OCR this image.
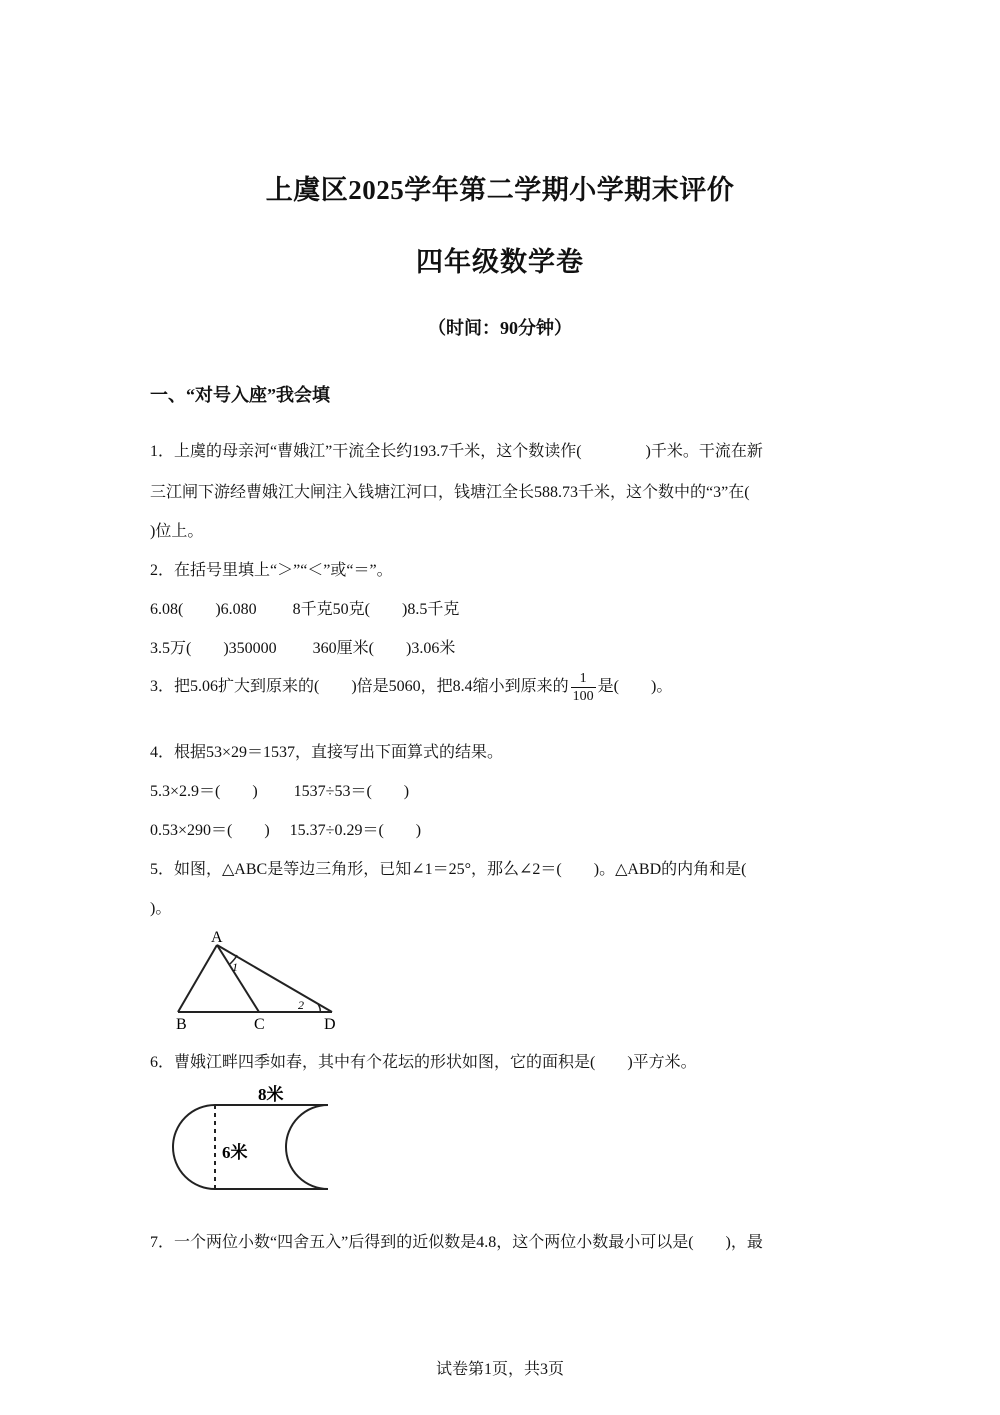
上虞区2025学年第二学期小学期末评价
四年级数学卷
（时间：90分钟）
一、“对号入座”我会填
1．上虞的母亲河“曹娥江”干流全长约193.7千米，这个数读作(　　　　)千米。干流在新
三江闸下游经曹娥江大闸注入钱塘江河口，钱塘江全长588.73千米，这个数中的“3”在(
)位上。
2．在括号里填上“＞”“＜”或“＝”。
6.08(　　)6.080　　 8千克50克(　　)8.5千克
3.5万(　　)350000　　 360厘米(　　)3.06米
3．把5.06扩大到原来的(　　)倍是5060，把8.4缩小到原来的 $\frac{1}{100}$ 是(　　)。
4．根据53×29＝1537，直接写出下面算式的结果。
5.3×2.9＝(　　)　　 1537÷53＝(　　)
0.53×290＝(　　)　 15.37÷0.29＝(　　)
5．如图，△ABC是等边三角形，已知∠1＝25°，那么∠2＝(　　)。△ABD的内角和是(
)。
A
B	C	D
1
2
6．曹娥江畔四季如春，其中有个花坛的形状如图，它的面积是(　　)平方米。
8米
6米
7．一个两位小数“四舍五入”后得到的近似数是4.8，这个两位小数最小可以是(　　)，最
试卷第1页，共3页
